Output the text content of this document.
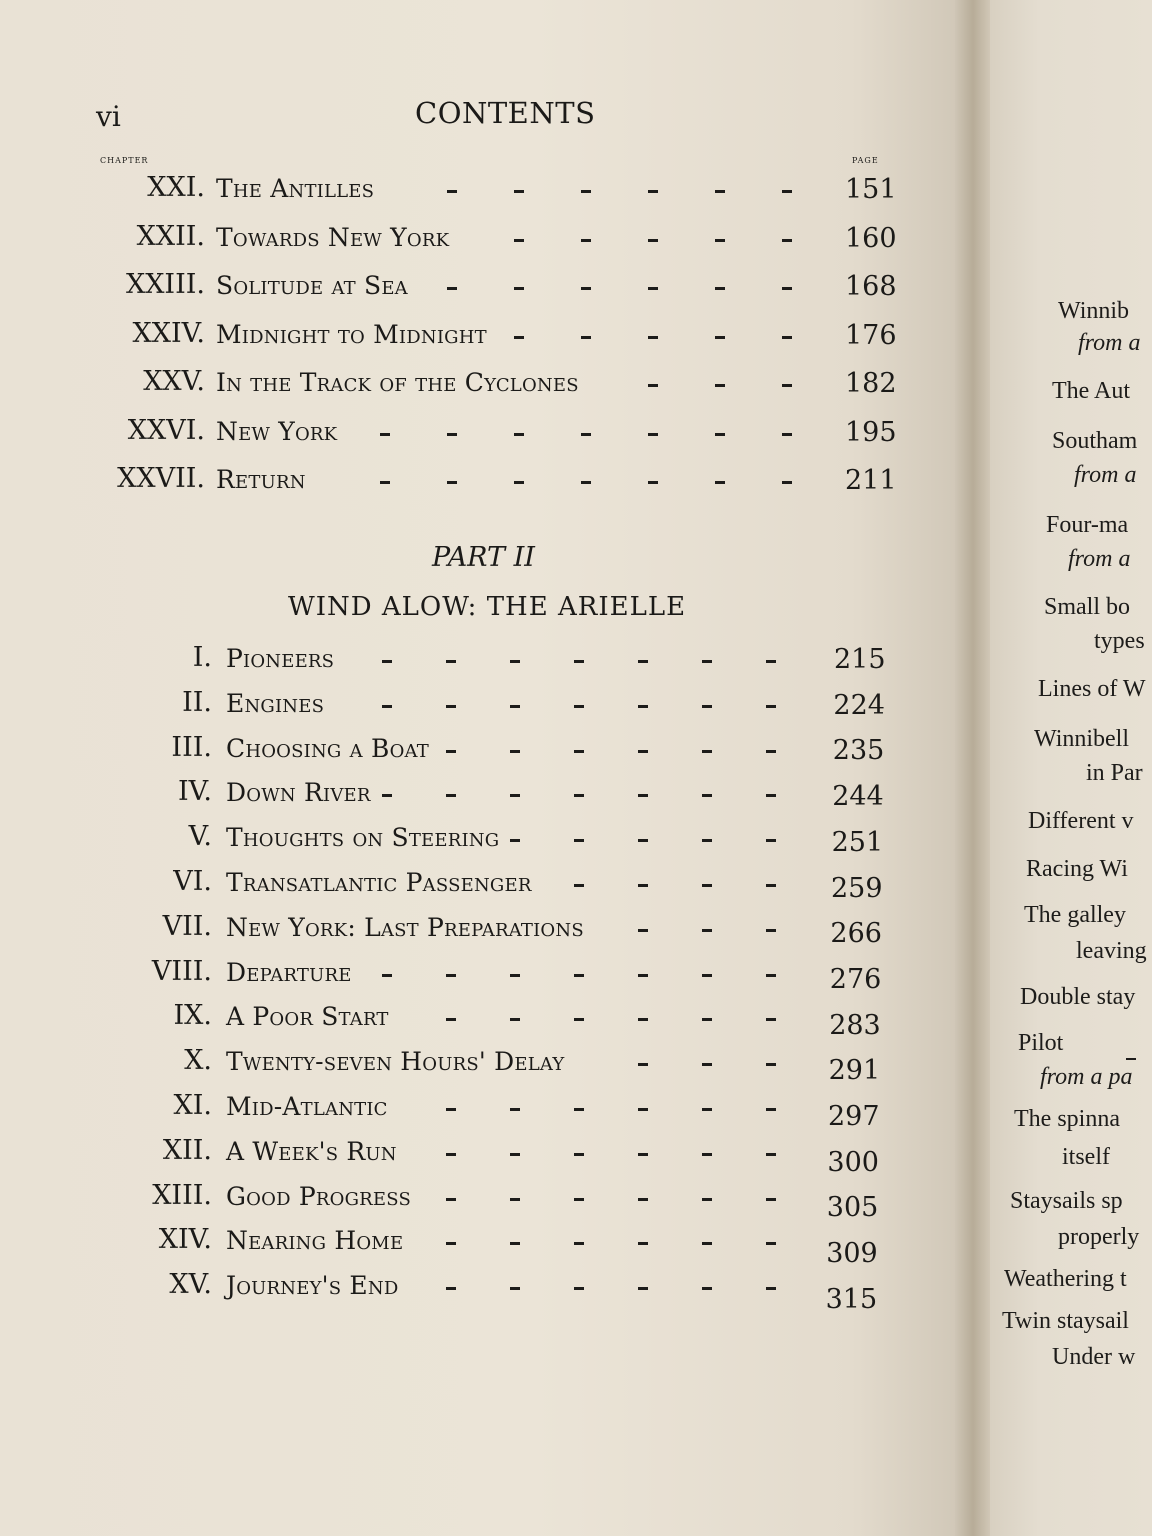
Winnib
from a
The Aut
Southam
from a
Four-ma
from a
Small bo
types
Lines of W
Winnibell
in Par
Different v
Racing Wi
The galley
leaving
Double stay
Pilot
from a pa
The spinna
itself
Staysails sp
properly
Weathering t
Twin staysail
Under w
vi	CONTENTS
chapter	page
XXI. The Antilles	151
XXII. Towards New York	160
XXIII. Solitude at Sea	168
XXIV. Midnight to Midnight	176
XXV. In the Track of the Cyclones	182
XXVI. New York	195
XXVII. Return	211
PART II
WIND ALOW: THE ARIELLE
I. Pioneers	215
II. Engines	224
III. Choosing a Boat	235
IV. Down River	244
V. Thoughts on Steering	251
VI. Transatlantic Passenger	259
VII. New York: Last Preparations	266
VIII. Departure	276
IX. A Poor Start	283
X. Twenty-seven Hours' Delay	291
XI. Mid-Atlantic	297
XII. A Week's Run	300
XIII. Good Progress	305
XIV. Nearing Home	309
XV. Journey's End	315
